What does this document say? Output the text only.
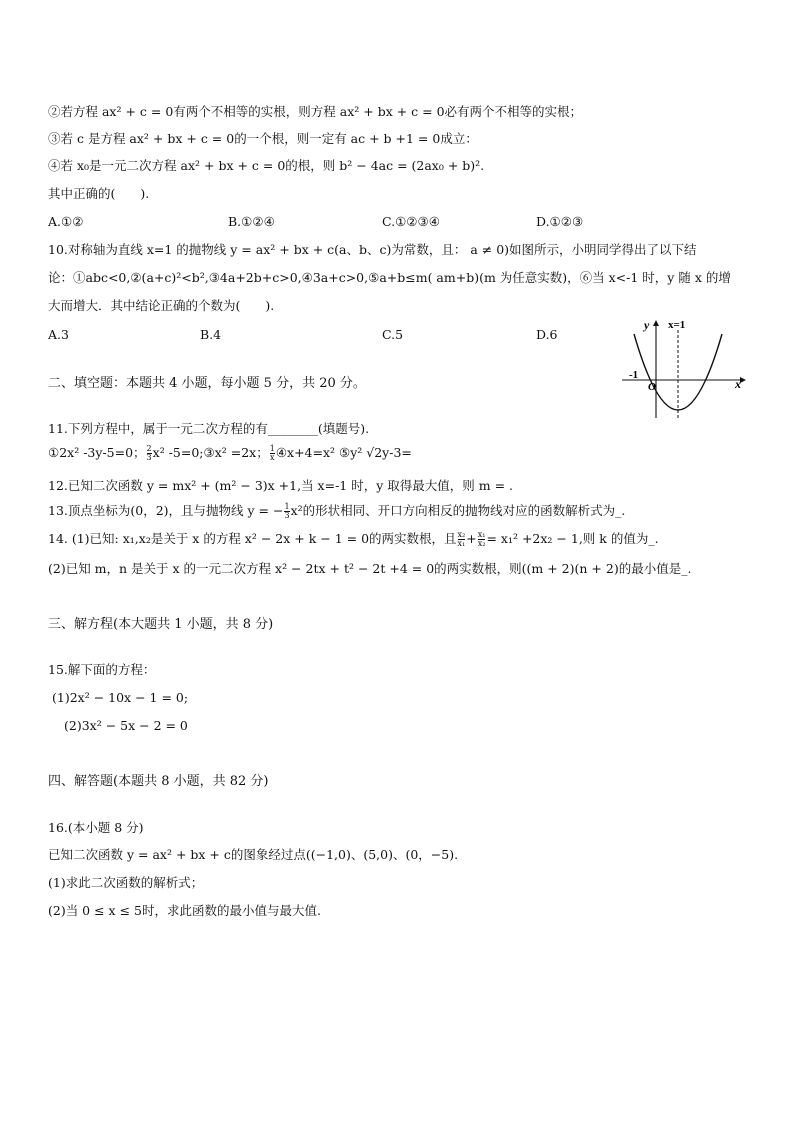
②若方程 ax² + c = 0有两个不相等的实根，则方程 ax² + bx + c = 0必有两个不相等的实根；
③若 c 是方程 ax² + bx + c = 0的一个根，则一定有 ac + b +1 = 0成立：
④若 x₀是一元二次方程 ax² + bx + c = 0的根，则 b² − 4ac = (2ax₀ + b)².
其中正确的(　　).
A.①②	B.①②④	C.①②③④	D.①②③
10.对称轴为直线 x=1 的抛物线 y = ax² + bx + c(a、b、c)为常数，且： a ≠ 0)如图所示，小明同学得出了以下结
论：①abc<0,②(a+c)²<b²,③4a+2b+c>0,④3a+c>0,⑤a+b≤m( am+b)(m 为任意实数)，⑥当 x<-1 时，y 随 x 的增
大而增大．其中结论正确的个数为(　　).
A.3	B.4	C.5	D.6
y x=1
x
-1
O
二、填空题：本题共 4 小题，每小题 5 分，共 20 分。
11.下列方程中，属于一元二次方程的有________(填题号).
①2x² -3y-5=0； $\frac{2}{3} x^2$ -5=0;③x² =2x； $\frac{1}{x}$ ④x+4=x² ⑤y² √2y-3=
12.已知二次函数 y = mx² + (m² − 3)x +1,当 x=-1 时，y 取得最大值，则 m = .
13.顶点坐标为(0，2)，且与抛物线 y = − $\frac{1}{3} x^2$的形状相同、开口方向相反的抛物线对应的函数解析式为_.
14. (1)已知: x₁,x₂是关于 x 的方程 x² − 2x + k − 1 = 0的两实数根，且 $\frac{\text{x₂}}{\text{x₁}} + \frac{\text{x₁}}{\text{x₂}} = x_1^2 +2x_2 - 1$,则 k 的值为_.
(2)已知 m，n 是关于 x 的一元二次方程 x² − 2tx + t² − 2t +4 = 0的两实数根，则((m + 2)(n + 2)的最小值是_.
三、解方程(本大题共 1 小题，共 8 分)
15.解下面的方程：
(1)2x² − 10x − 1 = 0;
(2)3x² − 5x − 2 = 0
四、解答题(本题共 8 小题，共 82 分)
16.(本小题 8 分)
已知二次函数 y = ax² + bx + c的图象经过点((−1,0)、(5,0)、(0，−5).
(1)求此二次函数的解析式；
(2)当 0 ≤ x ≤ 5时，求此函数的最小值与最大值.
